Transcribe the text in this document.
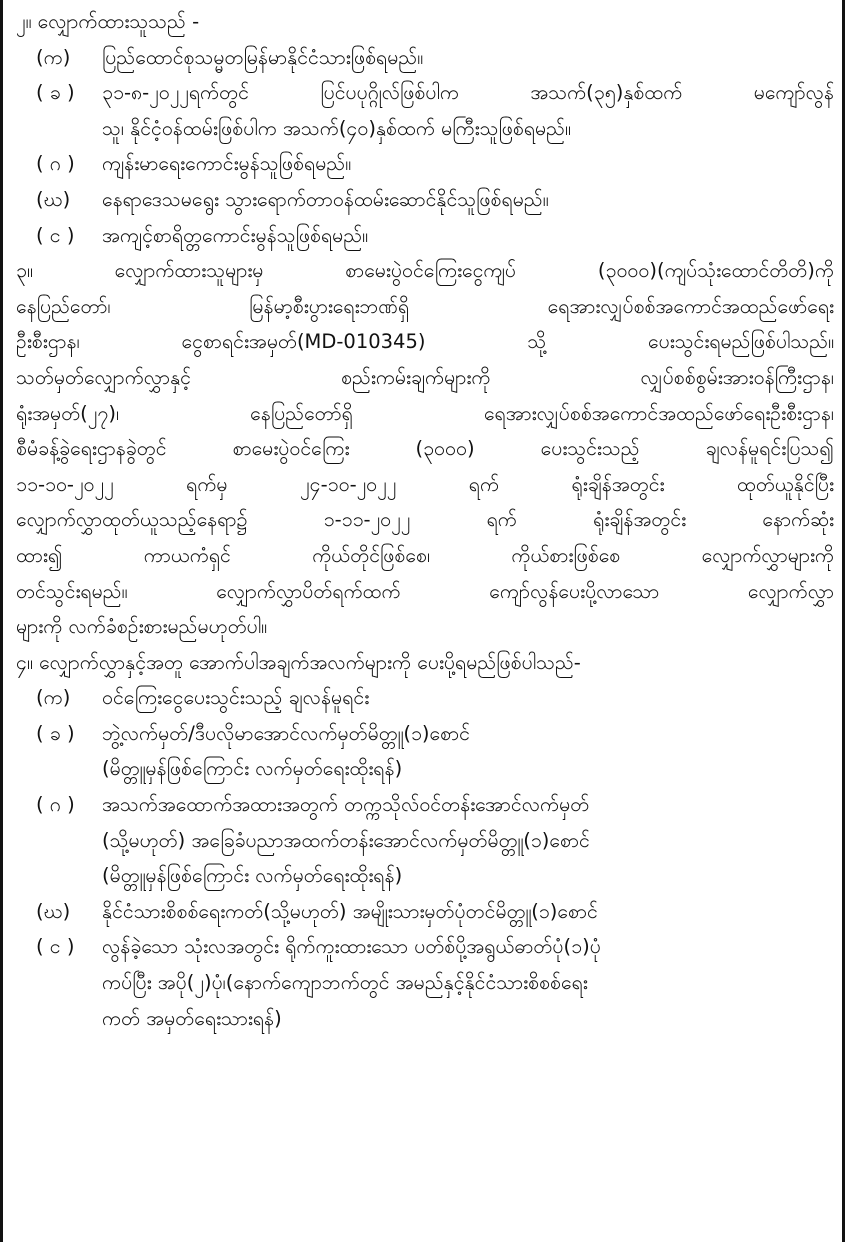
၂။ လျှောက်ထားသူသည် -
(က)	ပြည်ထောင်စုသမ္မတမြန်မာနိုင်ငံသားဖြစ်ရမည်။
( ခ )	၃၁-၈-၂၀၂၂ရက်တွင် ပြင်ပပုဂ္ဂိုလ်ဖြစ်ပါက အသက်(၃၅)နှစ်ထက် မကျော်လွန်
သူ၊ နိုင်ငံ့ဝန်ထမ်းဖြစ်ပါက အသက်(၄၀)နှစ်ထက် မကြီးသူဖြစ်ရမည်။
( ဂ )	ကျန်းမာရေးကောင်းမွန်သူဖြစ်ရမည်။
(ဃ)	နေရာဒေသမရွေး သွားရောက်တာဝန်ထမ်းဆောင်နိုင်သူဖြစ်ရမည်။
( င )	အကျင့်စာရိတ္တကောင်းမွန်သူဖြစ်ရမည်။
၃။ လျှောက်ထားသူများမှ စာမေးပွဲဝင်ကြေးငွေကျပ် (၃၀၀၀)(ကျပ်သုံးထောင်တိတိ)ကို
နေပြည်တော်၊ မြန်မာ့စီးပွားရေးဘဏ်ရှိ ရေအားလျှပ်စစ်အကောင်အထည်ဖော်ရေး
ဦးစီးဌာန၊ ငွေစာရင်းအမှတ်(MD-010345) သို့ ပေးသွင်းရမည်ဖြစ်ပါသည်။
သတ်မှတ်လျှောက်လွှာနှင့် စည်းကမ်းချက်များကို လျှပ်စစ်စွမ်းအားဝန်ကြီးဌာန၊
ရုံးအမှတ်(၂၇)၊ နေပြည်တော်ရှိ ရေအားလျှပ်စစ်အကောင်အထည်ဖော်ရေးဦးစီးဌာန၊
စီမံခန့်ခွဲရေးဌာနခွဲတွင် စာမေးပွဲဝင်ကြေး (၃၀၀၀) ပေးသွင်းသည့် ချလန်မူရင်းပြသ၍
၁၁-၁၀-၂၀၂၂ ရက်မှ ၂၄-၁၀-၂၀၂၂ ရက် ရုံးချိန်အတွင်း ထုတ်ယူနိုင်ပြီး
လျှောက်လွှာထုတ်ယူသည့်နေရာ၌ ၁-၁၁-၂၀၂၂ ရက် ရုံးချိန်အတွင်း နောက်ဆုံး
ထား၍ ကာယကံရှင် ကိုယ်တိုင်ဖြစ်စေ၊ ကိုယ်စားဖြစ်စေ လျှောက်လွှာများကို
တင်သွင်းရမည်။ လျှောက်လွှာပိတ်ရက်ထက် ကျော်လွန်ပေးပို့လာသော လျှောက်လွှာ
များကို လက်ခံစဉ်းစားမည်မဟုတ်ပါ။
၄။ လျှောက်လွှာနှင့်အတူ အောက်ပါအချက်အလက်များကို ပေးပို့ရမည်ဖြစ်ပါသည်-
(က)	ဝင်ကြေးငွေပေးသွင်းသည့် ချလန်မူရင်း
( ခ )	ဘွဲ့လက်မှတ်/ဒီပလိုမာအောင်လက်မှတ်မိတ္တူ(၁)စောင်
(မိတ္တူမှန်ဖြစ်ကြောင်း လက်မှတ်ရေးထိုးရန်)
( ဂ )	အသက်အထောက်အထားအတွက် တက္ကသိုလ်ဝင်တန်းအောင်လက်မှတ်
(သို့မဟုတ်) အခြေခံပညာအထက်တန်းအောင်လက်မှတ်မိတ္တူ(၁)စောင်
(မိတ္တူမှန်ဖြစ်ကြောင်း လက်မှတ်ရေးထိုးရန်)
(ဃ)	နိုင်ငံသားစိစစ်ရေးကတ်(သို့မဟုတ်) အမျိုးသားမှတ်ပုံတင်မိတ္တူ(၁)စောင်
( င )	လွန်ခဲ့သော သုံးလအတွင်း ရိုက်ကူးထားသော ပတ်စ်ပို့အရွယ်ဓာတ်ပုံ(၁)ပုံ
ကပ်ပြီး အပို(၂)ပုံ၊(နောက်ကျောဘက်တွင် အမည်နှင့်နိုင်ငံသားစိစစ်ရေး
ကတ် အမှတ်ရေးသားရန်)
